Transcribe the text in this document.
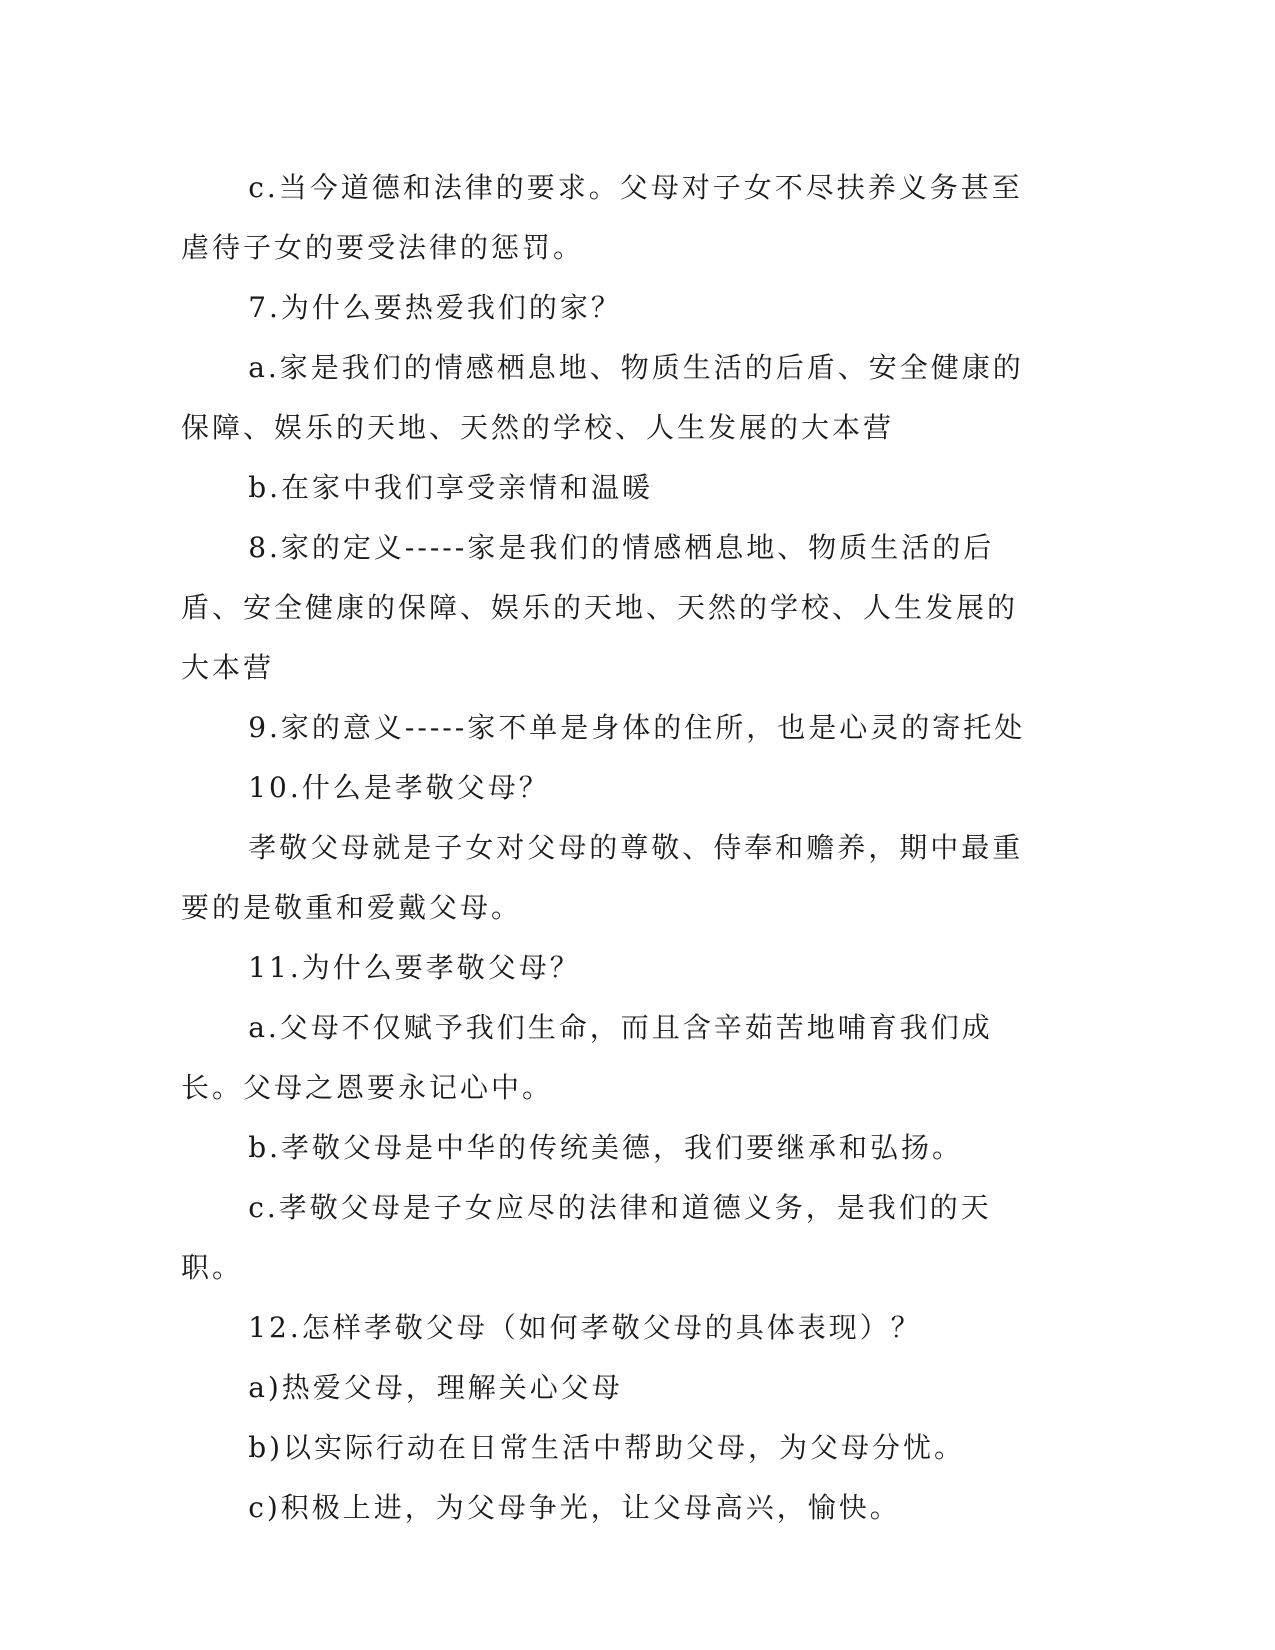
c.当今道德和法律的要求。父母对子女不尽扶养义务甚至虐待子女的要受法律的惩罚。

7.为什么要热爱我们的家？

a.家是我们的情感栖息地、物质生活的后盾、安全健康的保障、娱乐的天地、天然的学校、人生发展的大本营

b.在家中我们享受亲情和温暖

8.家的定义-----家是我们的情感栖息地、物质生活的后盾、安全健康的保障、娱乐的天地、天然的学校、人生发展的大本营

9.家的意义-----家不单是身体的住所，也是心灵的寄托处

10.什么是孝敬父母？

孝敬父母就是子女对父母的尊敬、侍奉和赡养，期中最重要的是敬重和爱戴父母。

11.为什么要孝敬父母？

a.父母不仅赋予我们生命，而且含辛茹苦地哺育我们成长。父母之恩要永记心中。

b.孝敬父母是中华的传统美德，我们要继承和弘扬。

c.孝敬父母是子女应尽的法律和道德义务，是我们的天职。

12.怎样孝敬父母（如何孝敬父母的具体表现）？

a)热爱父母，理解关心父母

b)以实际行动在日常生活中帮助父母，为父母分忧。

c)积极上进，为父母争光，让父母高兴，愉快。
